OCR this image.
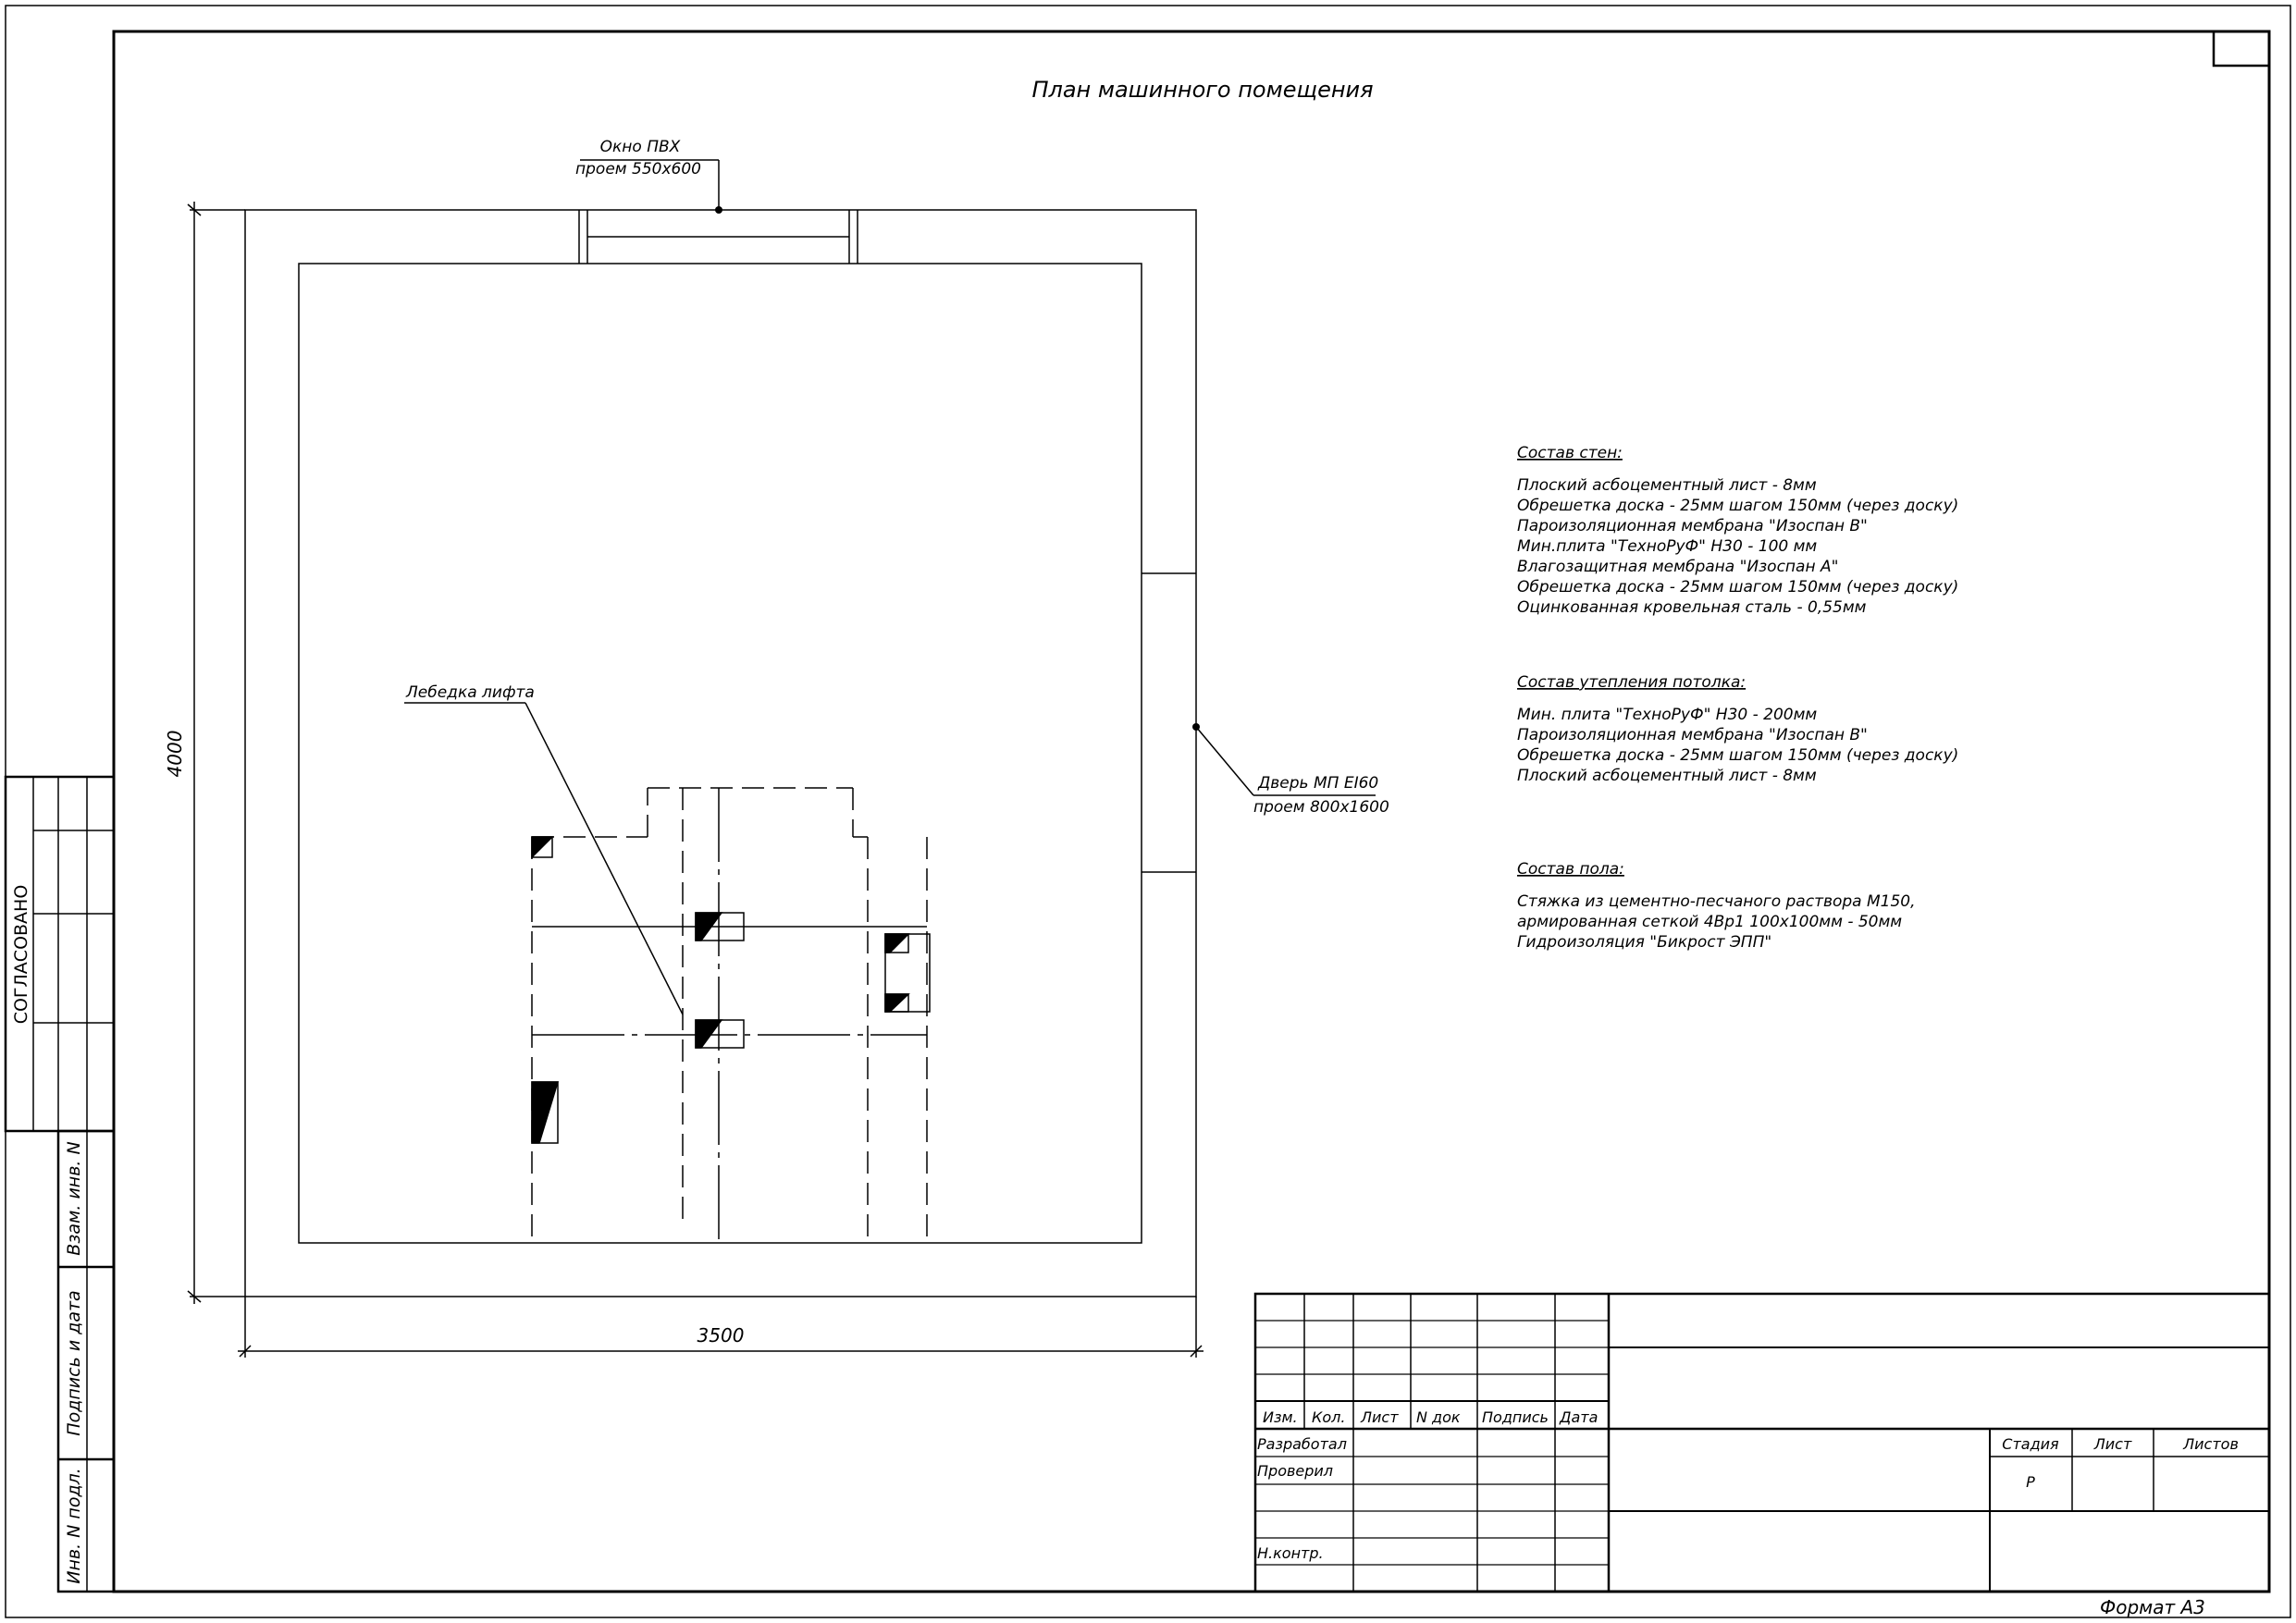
План машинного помещения
Окно ПВХ
проем 550х600
Дверь МП EI60
проем 800х1600
Лебедка лифта
3500
4000
Состав стен:
Плоский асбоцементный лист - 8мм
Обрешетка доска - 25мм шагом 150мм (через доску)
Пароизоляционная мембрана "Изоспан В"
Мин.плита "ТехноРуФ" Н30 - 100 мм
Влагозащитная мембрана "Изоспан А"
Обрешетка доска - 25мм шагом 150мм (через доску)
Оцинкованная кровельная сталь - 0,55мм
Состав утепления потолка:
Мин. плита "ТехноРуФ" Н30 - 200мм
Пароизоляционная мембрана "Изоспан В"
Обрешетка доска - 25мм шагом 150мм (через доску)
Плоский асбоцементный лист - 8мм
Состав пола:
Стяжка из цементно-песчаного раствора М150,
армированная сеткой 4Вр1 100х100мм - 50мм
Гидроизоляция "Бикрост ЭПП"
СОГЛАСОВАНО
Взам. инв. N
Подпись и дата
Инв. N подл.
Изм. Кол. Лист N док Подпись Дата
Разработал
Проверил
Н.контр.
Стадия Лист	Листов
Р
Формат А3
